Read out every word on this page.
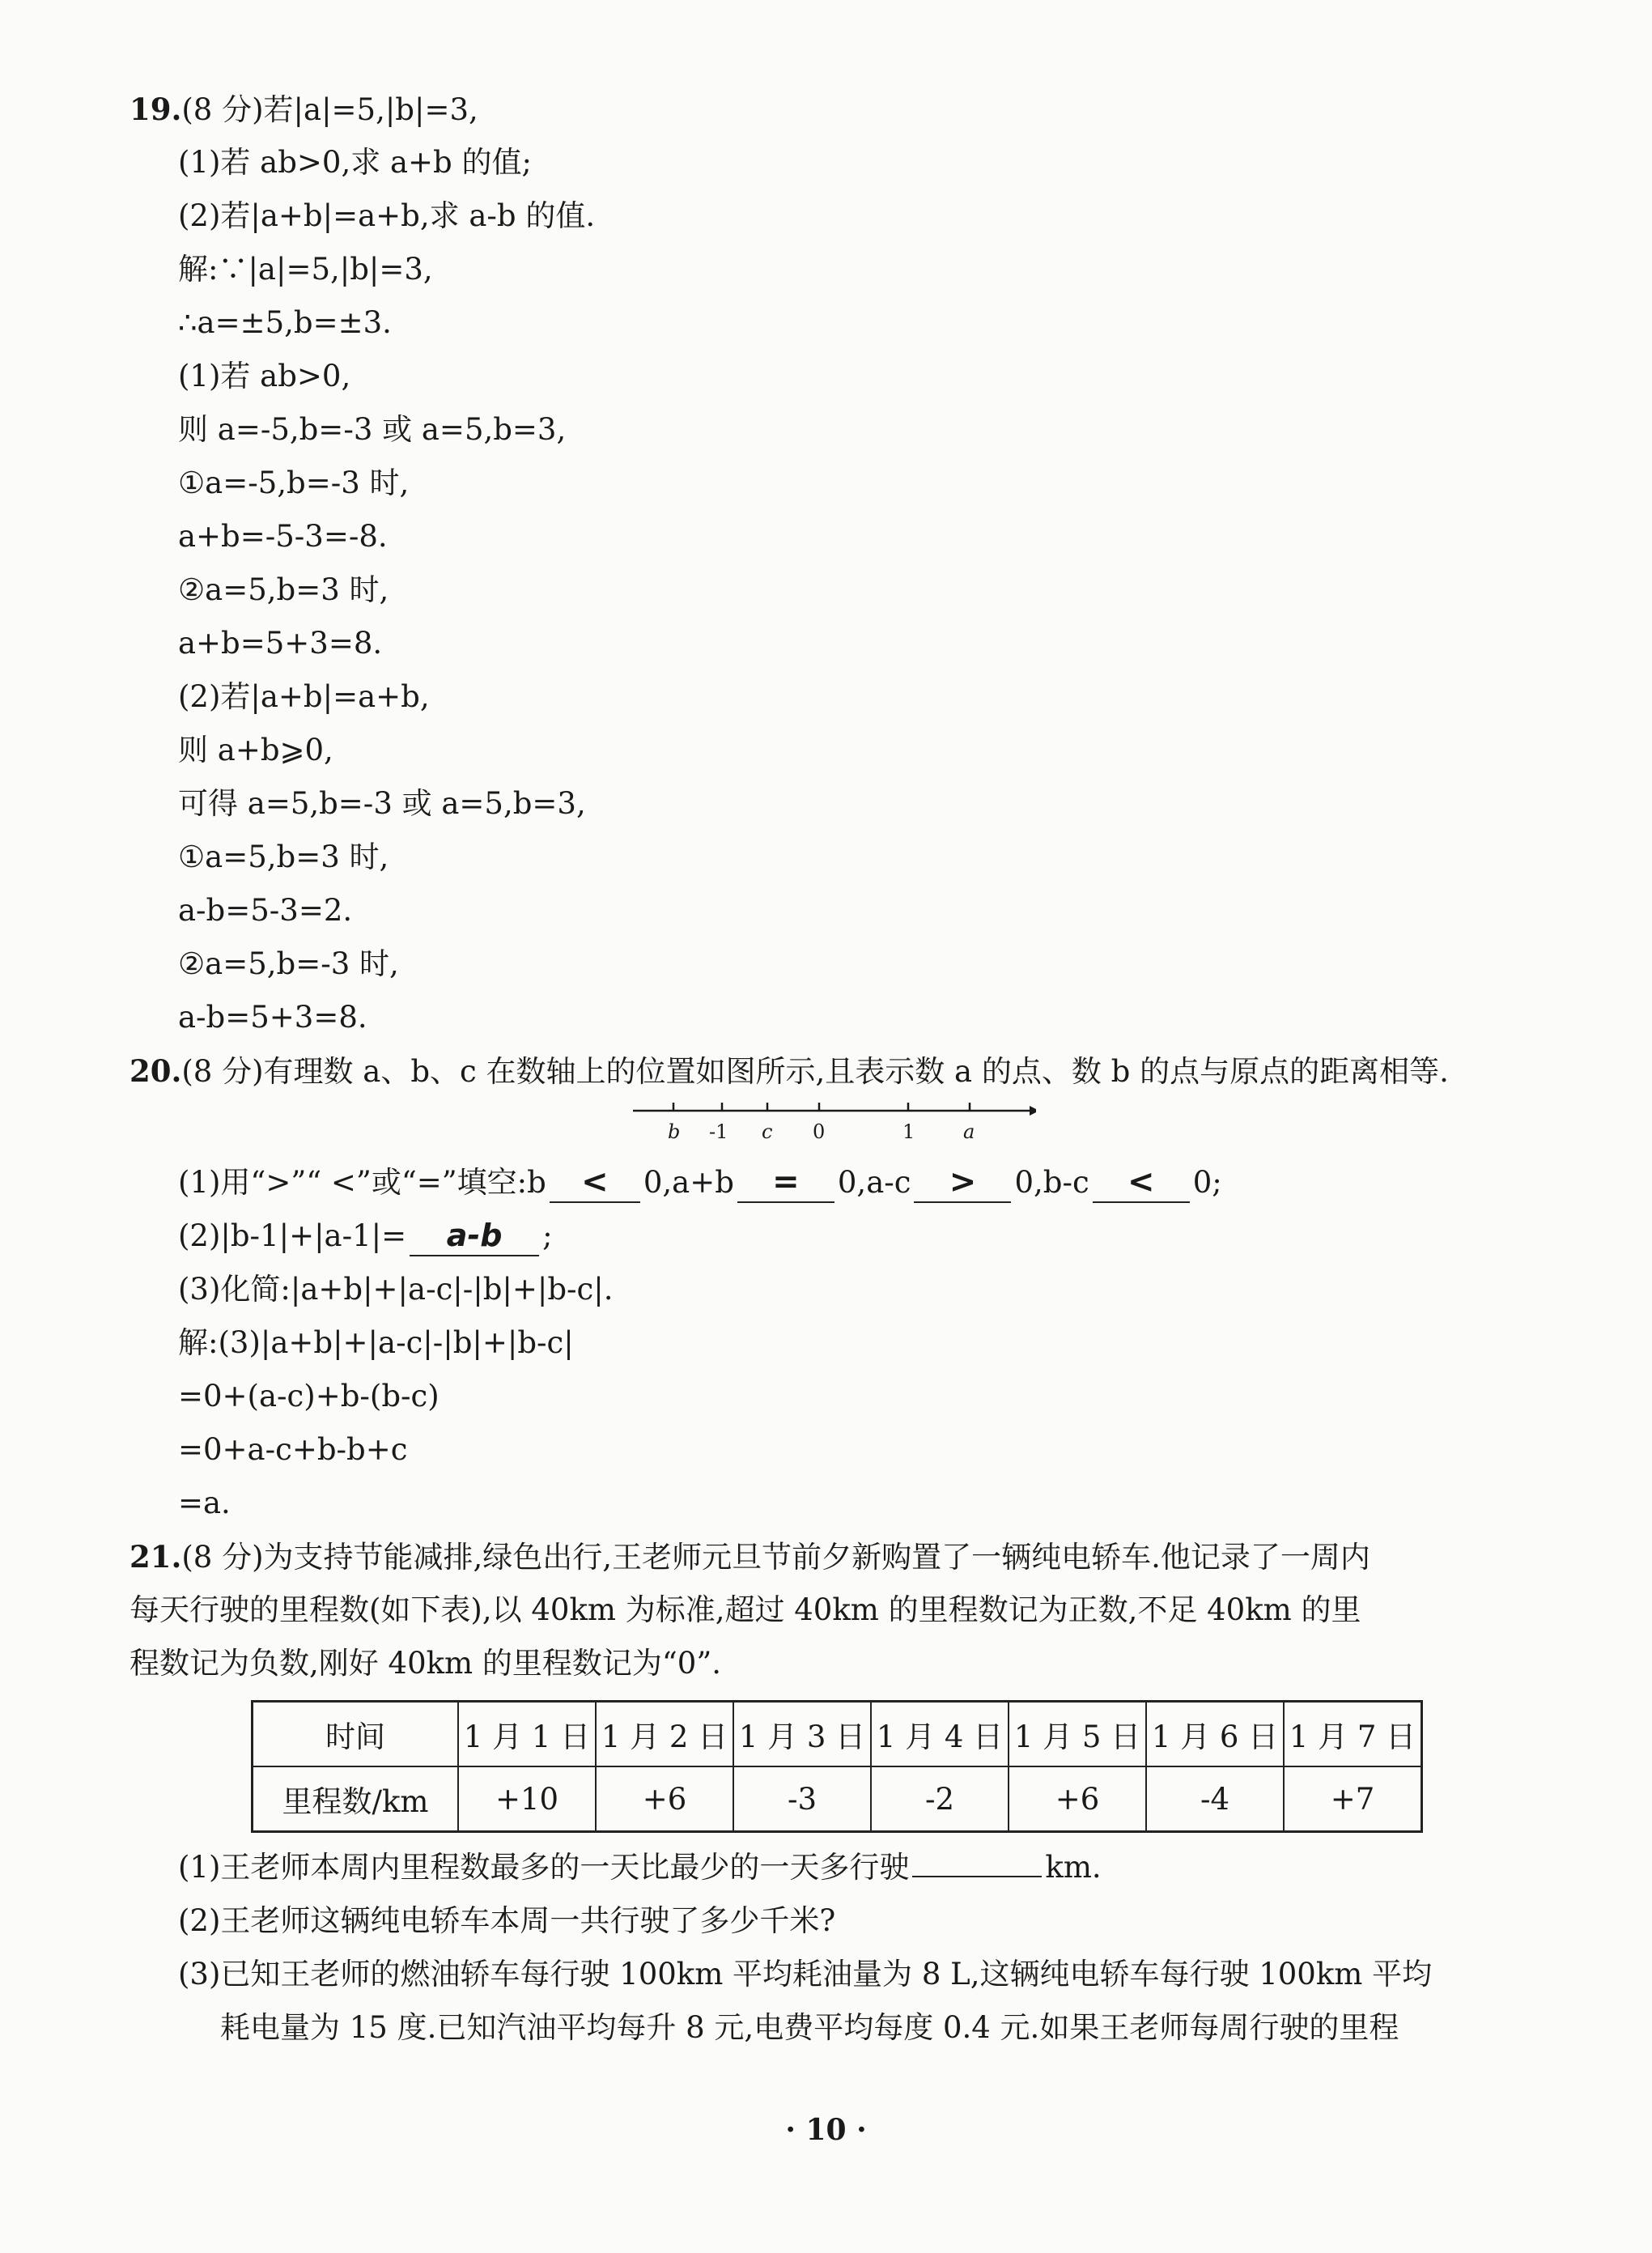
19.(8 分)若|a|=5,|b|=3,
(1)若 ab>0,求 a+b 的值;
(2)若|a+b|=a+b,求 a-b 的值.
解:∵|a|=5,|b|=3,
∴a=±5,b=±3.
(1)若 ab>0,
则 a=-5,b=-3 或 a=5,b=3,
①a=-5,b=-3 时,
a+b=-5-3=-8.
②a=5,b=3 时,
a+b=5+3=8.
(2)若|a+b|=a+b,
则 a+b⩾0,
可得 a=5,b=-3 或 a=5,b=3,
①a=5,b=3 时,
a-b=5-3=2.
②a=5,b=-3 时,
a-b=5+3=8.
20.(8 分)有理数 a、b、c 在数轴上的位置如图所示,且表示数 a 的点、数 b 的点与原点的距离相等.
b -1 c 0	1 a
(1)用“>”“ <”或“=”填空:b < 0,a+b = 0,a-c > 0,b-c < 0;
(2)|b-1|+|a-1|= a-b ;
(3)化简:|a+b|+|a-c|-|b|+|b-c|.
解:(3)|a+b|+|a-c|-|b|+|b-c|
=0+(a-c)+b-(b-c)
=0+a-c+b-b+c
=a.
21.(8 分)为支持节能减排,绿色出行,王老师元旦节前夕新购置了一辆纯电轿车.他记录了一周内
每天行驶的里程数(如下表),以 40km 为标准,超过 40km 的里程数记为正数,不足 40km 的里
程数记为负数,刚好 40km 的里程数记为“0”.
时间	1 月 1 日	1 月 2 日	1 月 3 日	1 月 4 日	1 月 5 日	1 月 6 日	1 月 7 日
里程数/km	+10	+6	-3	-2	+6	-4	+7
(1)王老师本周内里程数最多的一天比最少的一天多行驶	km.
(2)王老师这辆纯电轿车本周一共行驶了多少千米?
(3)已知王老师的燃油轿车每行驶 100km 平均耗油量为 8 L,这辆纯电轿车每行驶 100km 平均
耗电量为 15 度.已知汽油平均每升 8 元,电费平均每度 0.4 元.如果王老师每周行驶的里程
· 10 ·
